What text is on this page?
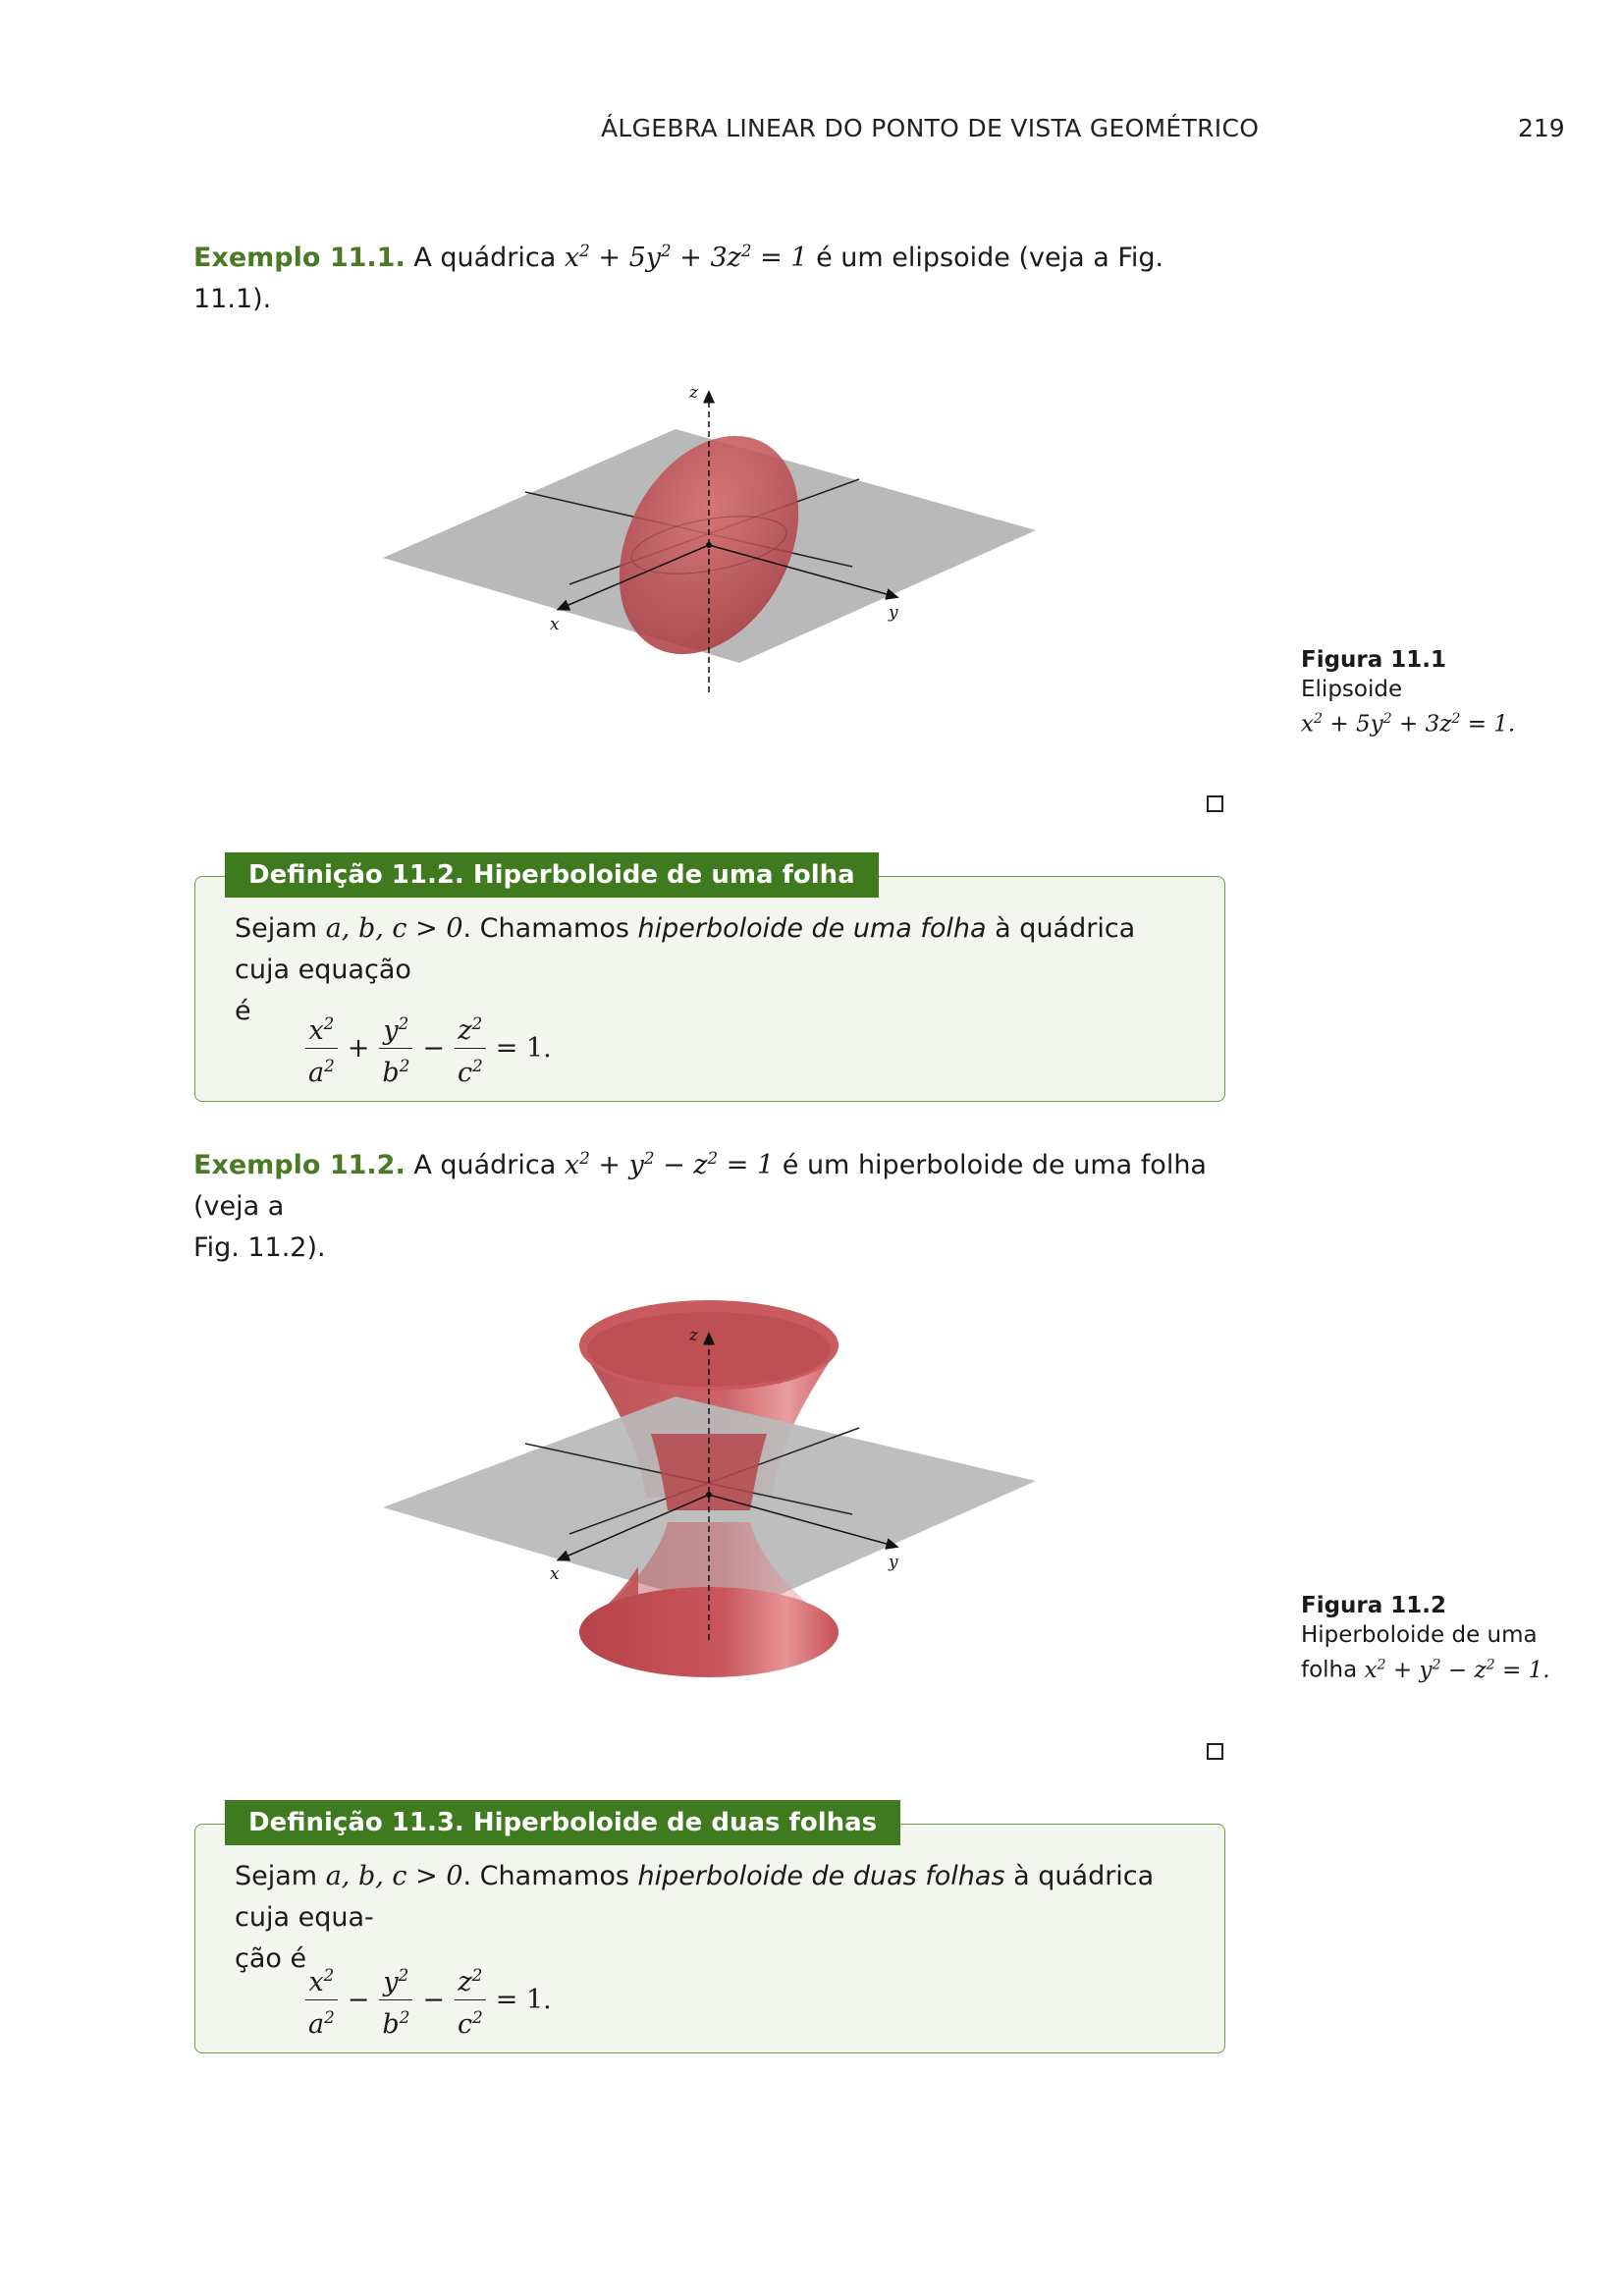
ÁLGEBRA LINEAR DO PONTO DE VISTA GEOMÉTRICO	219
Exemplo 11.1. A quádrica $x^2 + 5y^2 + 3z^2 = 1$ é um elipsoide (veja a Fig. 11.1).
z
x
y
Figura 11.1
Elipsoide
$x^2 + 5y^2 + 3z^2 = 1$.
Sejam a, b, c > 0. Chamamos hiperboloide de uma folha à quádrica cuja equação
é	$\frac{x^2}{a^2} + \frac{y^2}{b^2} - \frac{z^2}{c^2} = 1$.
Definição 11.2. Hiperboloide de uma folha
Exemplo 11.2. A quádrica $x^2 + y^2 - z^2 = 1$ é um hiperboloide de uma folha (veja a
Fig. 11.2).
z
x
y
Figura 11.2
Hiperboloide de uma
folha $x^2 + y^2 - z^2 = 1$.
Sejam a, b, c > 0. Chamamos hiperboloide de duas folhas à quádrica cuja equa-
ção é
$\frac{x^2}{a^2} - \frac{y^2}{b^2} - \frac{z^2}{c^2} = 1$.
Definição 11.3. Hiperboloide de duas folhas
